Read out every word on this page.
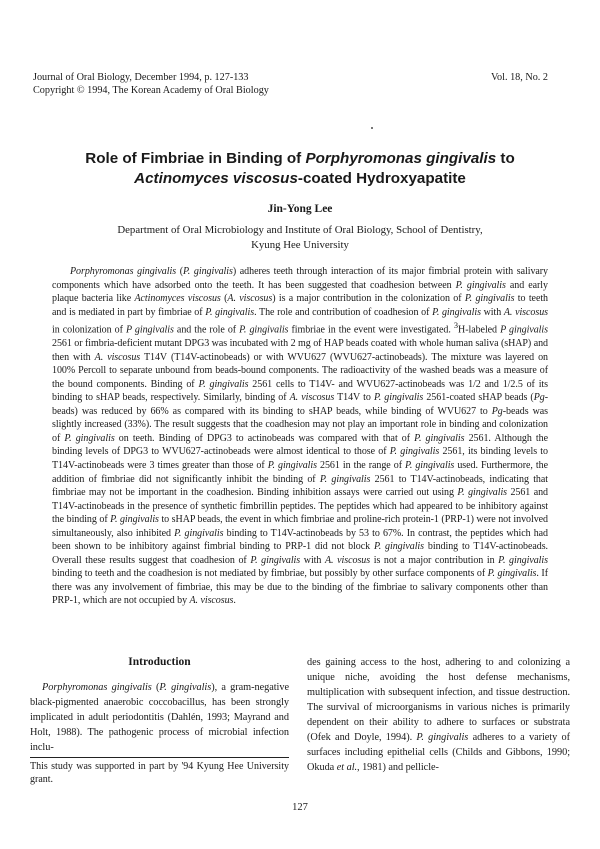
Journal of Oral Biology, December 1994, p. 127-133
Copyright © 1994, The Korean Academy of Oral Biology
Vol. 18, No. 2
Role of Fimbriae in Binding of Porphyromonas gingivalis to
Actinomyces viscosus-coated Hydroxyapatite
Jin-Yong Lee
Department of Oral Microbiology and Institute of Oral Biology, School of Dentistry,
Kyung Hee University
Porphyromonas gingivalis (P. gingivalis) adheres teeth through interaction of its major fimbrial protein with salivary components which have adsorbed onto the teeth. It has been suggested that coadhesion between P. gingivalis and early plaque bacteria like Actinomyces viscosus (A. viscosus) is a major contribution in the colonization of P. gingivalis to teeth and is mediated in part by fimbriae of P. gingivalis. The role and contribution of coadhesion of P. gingivalis with A. viscosus in colonization of P gingivalis and the role of P. gingivalis fimbriae in the event were investigated. $^3$H-labeled P gingivalis 2561 or fimbria-deficient mutant DPG3 was incubated with 2 mg of HAP beads coated with whole human saliva (sHAP) and then with A. viscosus T14V (T14V-actinobeads) or with WVU627 (WVU627-actinobeads). The mixture was layered on 100% Percoll to separate unbound from beads-bound components. The radioactivity of the washed beads was a measure of the bound components. Binding of P. gingivalis 2561 cells to T14V- and WVU627-actinobeads was 1/2 and 1/2.5 of its binding to sHAP beads, respectively. Similarly, binding of A. viscosus T14V to P. gingivalis 2561-coated sHAP beads (Pg-beads) was reduced by 66% as compared with its binding to sHAP beads, while binding of WVU627 to Pg-beads was slightly increased (33%). The result suggests that the coadhesion may not play an important role in binding and colonization of P. gingivalis on teeth. Binding of DPG3 to actinobeads was compared with that of P. gingivalis 2561. Although the binding levels of DPG3 to WVU627-actinobeads were almost identical to those of P. gingivalis 2561, its binding levels to T14V-actinobeads were 3 times greater than those of P. gingivalis 2561 in the range of P. gingivalis used. Furthermore, the addition of fimbriae did not significantly inhibit the binding of P. gingivalis 2561 to T14V-actinobeads, indicating that fimbriae may not be important in the coadhesion. Binding inhibition assays were carried out using P. gingivalis 2561 and T14V-actinobeads in the presence of synthetic fimbrillin peptides. The peptides which had appeared to be inhibitory against the binding of P. gingivalis to sHAP beads, the event in which fimbriae and proline-rich protein-1 (PRP-1) were not involved simultaneously, also inhibited P. gingivalis binding to T14V-actinobeads by 53 to 67%. In contrast, the peptides which had been shown to be inhibitory against fimbrial binding to PRP-1 did not block P. gingivalis binding to T14V-actinobeads. Overall these results suggest that coadhesion of P. gingivalis with A. viscosus is not a major contribution in P. gingivalis binding to teeth and the coadhesion is not mediated by fimbriae, but possibly by other surface components of P. gingivalis. If there was any involvement of fimbriae, this may be due to the binding of the fimbriae to salivary components other than PRP-1, which are not occupied by A. viscosus.
Introduction
Porphyromonas gingivalis (P. gingivalis), a gram-negative black-pigmented anaerobic coccobacillus, has been strongly implicated in adult periodontitis (Dahlén, 1993; Mayrand and Holt, 1988). The pathogenic process of microbial infection inclu-
des gaining access to the host, adhering to and colonizing a unique niche, avoiding the host defense mechanisms, multiplication with subsequent infection, and tissue destruction. The survival of microorganisms in various niches is primarily dependent on their ability to adhere to surfaces or substrata (Ofek and Doyle, 1994). P. gingivalis adheres to a variety of surfaces including epithelial cells (Childs and Gibbons, 1990; Okuda et al., 1981) and pellicle-
This study was supported in part by '94 Kyung Hee University grant.
127
